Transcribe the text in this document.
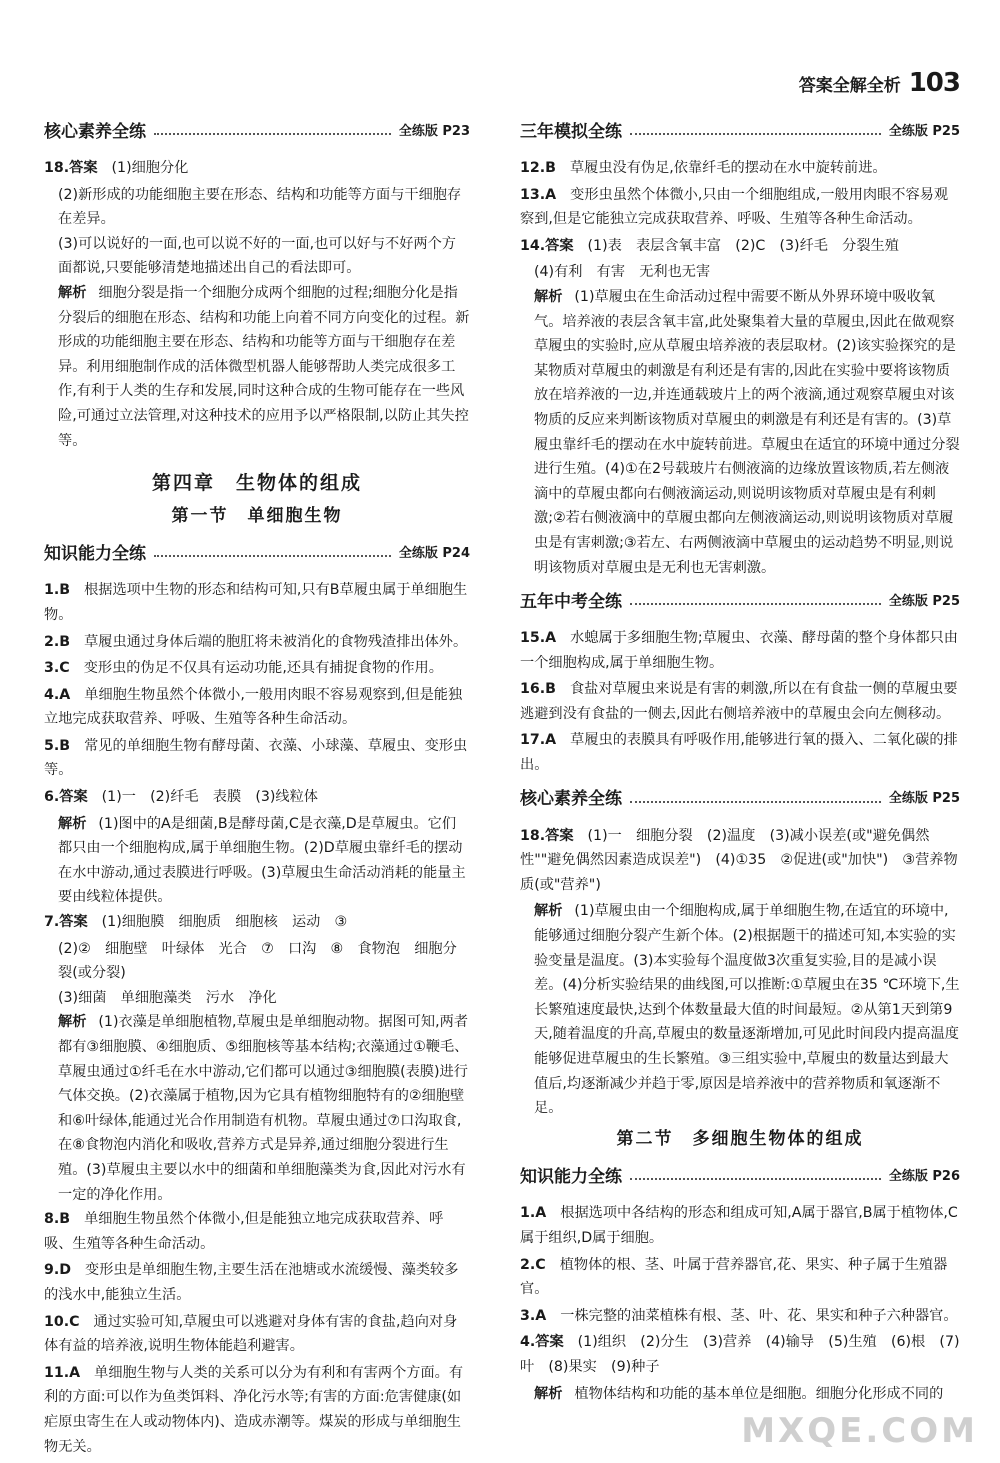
答案全解全析 103
核心素养全练	全练版 P23
18.答案 (1)细胞分化
(2)新形成的功能细胞主要在形态、结构和功能等方面与干细胞存在差异。
(3)可以说好的一面,也可以说不好的一面,也可以好与不好两个方面都说,只要能够清楚地描述出自己的看法即可。
解析 细胞分裂是指一个细胞分成两个细胞的过程;细胞分化是指分裂后的细胞在形态、结构和功能上向着不同方向变化的过程。新形成的功能细胞主要在形态、结构和功能等方面与干细胞存在差异。利用细胞制作成的活体微型机器人能够帮助人类完成很多工作,有利于人类的生存和发展,同时这种合成的生物可能存在一些风险,可通过立法管理,对这种技术的应用予以严格限制,以防止其失控等。
第四章　生物体的组成
第一节　单细胞生物
知识能力全练	全练版 P24
1.B 根据选项中生物的形态和结构可知,只有B草履虫属于单细胞生物。
2.B 草履虫通过身体后端的胞肛将未被消化的食物残渣排出体外。
3.C 变形虫的伪足不仅具有运动功能,还具有捕捉食物的作用。
4.A 单细胞生物虽然个体微小,一般用肉眼不容易观察到,但是能独立地完成获取营养、呼吸、生殖等各种生命活动。
5.B 常见的单细胞生物有酵母菌、衣藻、小球藻、草履虫、变形虫等。
6.答案 (1)一　(2)纤毛　表膜　(3)线粒体
解析 (1)图中的A是细菌,B是酵母菌,C是衣藻,D是草履虫。它们都只由一个细胞构成,属于单细胞生物。(2)D草履虫靠纤毛的摆动在水中游动,通过表膜进行呼吸。(3)草履虫生命活动消耗的能量主要由线粒体提供。
7.答案 (1)细胞膜　细胞质　细胞核　运动　③
(2)②　细胞壁　叶绿体　光合　⑦　口沟　⑧　食物泡　细胞分裂(或分裂)
(3)细菌　单细胞藻类　污水　净化
解析 (1)衣藻是单细胞植物,草履虫是单细胞动物。据图可知,两者都有③细胞膜、④细胞质、⑤细胞核等基本结构;衣藻通过①鞭毛、草履虫通过①纤毛在水中游动,它们都可以通过③细胞膜(表膜)进行气体交换。(2)衣藻属于植物,因为它具有植物细胞特有的②细胞壁和⑥叶绿体,能通过光合作用制造有机物。草履虫通过⑦口沟取食,在⑧食物泡内消化和吸收,营养方式是异养,通过细胞分裂进行生殖。(3)草履虫主要以水中的细菌和单细胞藻类为食,因此对污水有一定的净化作用。
8.B 单细胞生物虽然个体微小,但是能独立地完成获取营养、呼吸、生殖等各种生命活动。
9.D 变形虫是单细胞生物,主要生活在池塘或水流缓慢、藻类较多的浅水中,能独立生活。
10.C 通过实验可知,草履虫可以逃避对身体有害的食盐,趋向对身体有益的培养液,说明生物体能趋利避害。
11.A 单细胞生物与人类的关系可以分为有利和有害两个方面。有利的方面:可以作为鱼类饵料、净化污水等;有害的方面:危害健康(如疟原虫寄生在人或动物体内)、造成赤潮等。煤炭的形成与单细胞生物无关。
三年模拟全练	全练版 P25
12.B 草履虫没有伪足,依靠纤毛的摆动在水中旋转前进。
13.A 变形虫虽然个体微小,只由一个细胞组成,一般用肉眼不容易观察到,但是它能独立完成获取营养、呼吸、生殖等各种生命活动。
14.答案 (1)表　表层含氧丰富　(2)C　(3)纤毛　分裂生殖
(4)有利　有害　无利也无害
解析 (1)草履虫在生命活动过程中需要不断从外界环境中吸收氧气。培养液的表层含氧丰富,此处聚集着大量的草履虫,因此在做观察草履虫的实验时,应从草履虫培养液的表层取材。(2)该实验探究的是某物质对草履虫的刺激是有利还是有害的,因此在实验中要将该物质放在培养液的一边,并连通载玻片上的两个液滴,通过观察草履虫对该物质的反应来判断该物质对草履虫的刺激是有利还是有害的。(3)草履虫靠纤毛的摆动在水中旋转前进。草履虫在适宜的环境中通过分裂进行生殖。(4)①在2号载玻片右侧液滴的边缘放置该物质,若左侧液滴中的草履虫都向右侧液滴运动,则说明该物质对草履虫是有利刺激;②若右侧液滴中的草履虫都向左侧液滴运动,则说明该物质对草履虫是有害刺激;③若左、右两侧液滴中草履虫的运动趋势不明显,则说明该物质对草履虫是无利也无害刺激。
五年中考全练	全练版 P25
15.A 水螅属于多细胞生物;草履虫、衣藻、酵母菌的整个身体都只由一个细胞构成,属于单细胞生物。
16.B 食盐对草履虫来说是有害的刺激,所以在有食盐一侧的草履虫要逃避到没有食盐的一侧去,因此右侧培养液中的草履虫会向左侧移动。
17.A 草履虫的表膜具有呼吸作用,能够进行氧的摄入、二氧化碳的排出。
核心素养全练	全练版 P25
18.答案 (1)一　细胞分裂　(2)温度　(3)减小误差(或"避免偶然性""避免偶然因素造成误差")　(4)①35　②促进(或"加快")　③营养物质(或"营养")
解析 (1)草履虫由一个细胞构成,属于单细胞生物,在适宜的环境中,能够通过细胞分裂产生新个体。(2)根据题干的描述可知,本实验的实验变量是温度。(3)本实验每个温度做3次重复实验,目的是减小误差。(4)分析实验结果的曲线图,可以推断:①草履虫在35 ℃环境下,生长繁殖速度最快,达到个体数量最大值的时间最短。②从第1天到第9天,随着温度的升高,草履虫的数量逐渐增加,可见此时间段内提高温度能够促进草履虫的生长繁殖。③三组实验中,草履虫的数量达到最大值后,均逐渐减少并趋于零,原因是培养液中的营养物质和氧逐渐不足。
第二节　多细胞生物体的组成
知识能力全练	全练版 P26
1.A 根据选项中各结构的形态和组成可知,A属于器官,B属于植物体,C属于组织,D属于细胞。
2.C 植物体的根、茎、叶属于营养器官,花、果实、种子属于生殖器官。
3.A 一株完整的油菜植株有根、茎、叶、花、果实和种子六种器官。
4.答案 (1)组织　(2)分生　(3)营养　(4)输导　(5)生殖　(6)根　(7)叶　(8)果实　(9)种子
解析 植物体结构和功能的基本单位是细胞。细胞分化形成不同的
MXQE.COM
